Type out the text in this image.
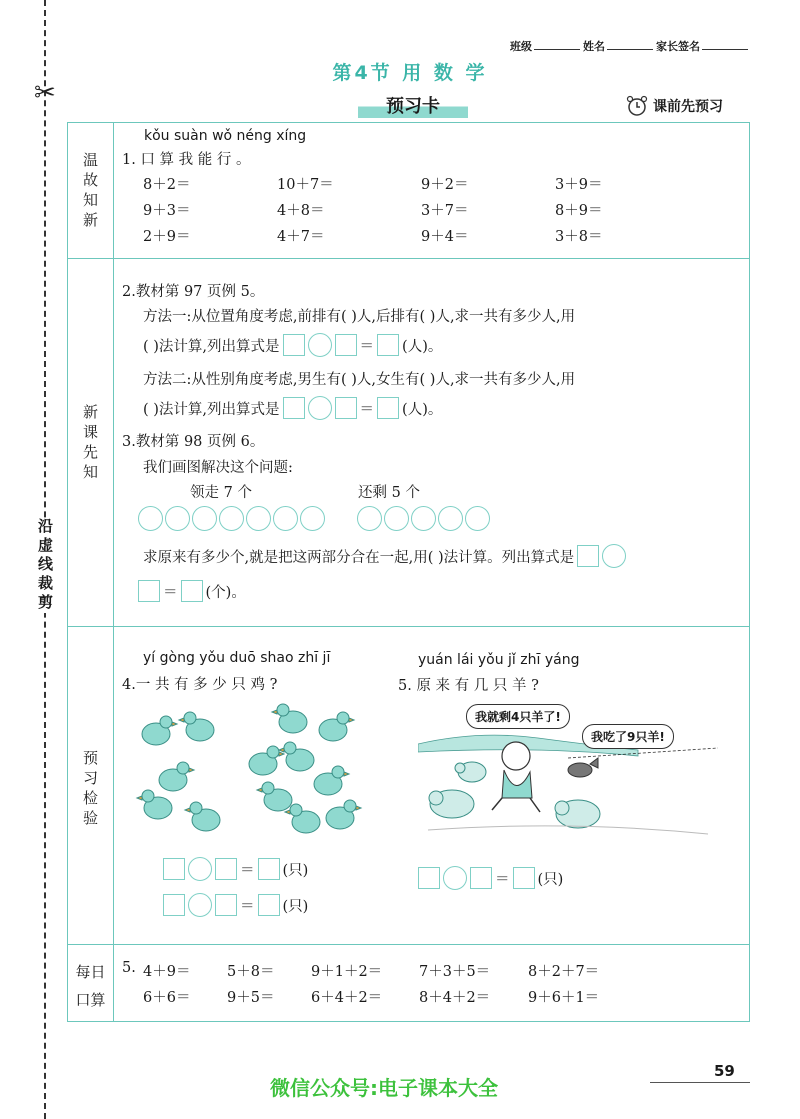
✂
沿虚线裁剪
班级	姓名	家长签名
第4节 用 数 学
预习卡	课前先预习
温
故
知
新
新
课
先
知
预
习
检
验
每日
口算
kǒu suàn wǒ néng xíng
1. 口 算 我 能 行 。
8＋2＝	10＋7＝	9＋2＝	3＋9＝
9＋3＝	4＋8＝	3＋7＝	8＋9＝
2＋9＝	4＋7＝	9＋4＝	3＋8＝
2.教材第 97 页例 5。
方法一:从位置角度考虑,前排有( )人,后排有( )人,求一共有多少人,用
( )法计算,列出算式是	＝ (人)。
方法二:从性别角度考虑,男生有( )人,女生有( )人,求一共有多少人,用
( )法计算,列出算式是	＝ (人)。
3.教材第 98 页例 6。
我们画图解决这个问题:
领走 7 个	还剩 5 个
求原来有多少个,就是把这两部分合在一起,用( )法计算。列出算式是
＝ (个)。
yí gòng yǒu duō shao zhī jī
4.一 共 有 多 少 只 鸡 ?
＝ (只)
＝ (只)
yuán lái yǒu jǐ zhī yáng
5. 原 来 有 几 只 羊 ?
我就剩4只羊了!
我吃了9只羊!
＝ (只)
5. 4＋9＝	5＋8＝	9＋1＋2＝	7＋3＋5＝	8＋2＋7＝
6＋6＝	9＋5＝	6＋4＋2＝	8＋4＋2＝	9＋6＋1＝
微信公众号:电子课本大全
59
